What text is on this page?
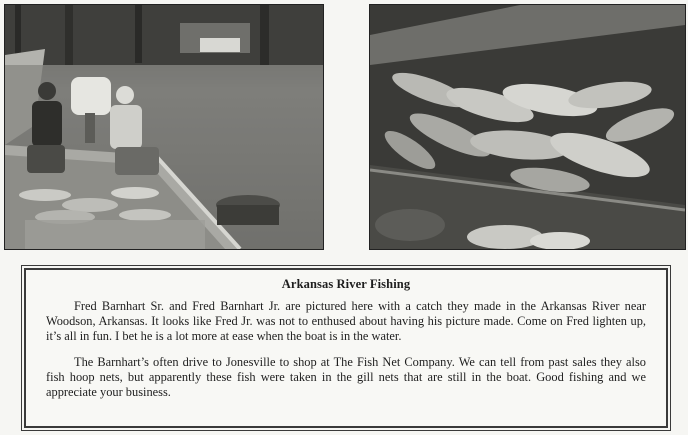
Arkansas River Fishing

Fred Barnhart Sr. and Fred Barnhart Jr. are pictured here with a catch they made in the Arkansas River near Woodson, Arkansas. It looks like Fred Jr. was not to enthused about having his picture made. Come on Fred lighten up, it’s all in fun. I bet he is a lot more at ease when the boat is in the water.

The Barnhart’s often drive to Jonesville to shop at The Fish Net Company. We can tell from past sales they also fish hoop nets, but apparently these fish were taken in the gill nets that are still in the boat. Good fishing and we appreciate your business.
